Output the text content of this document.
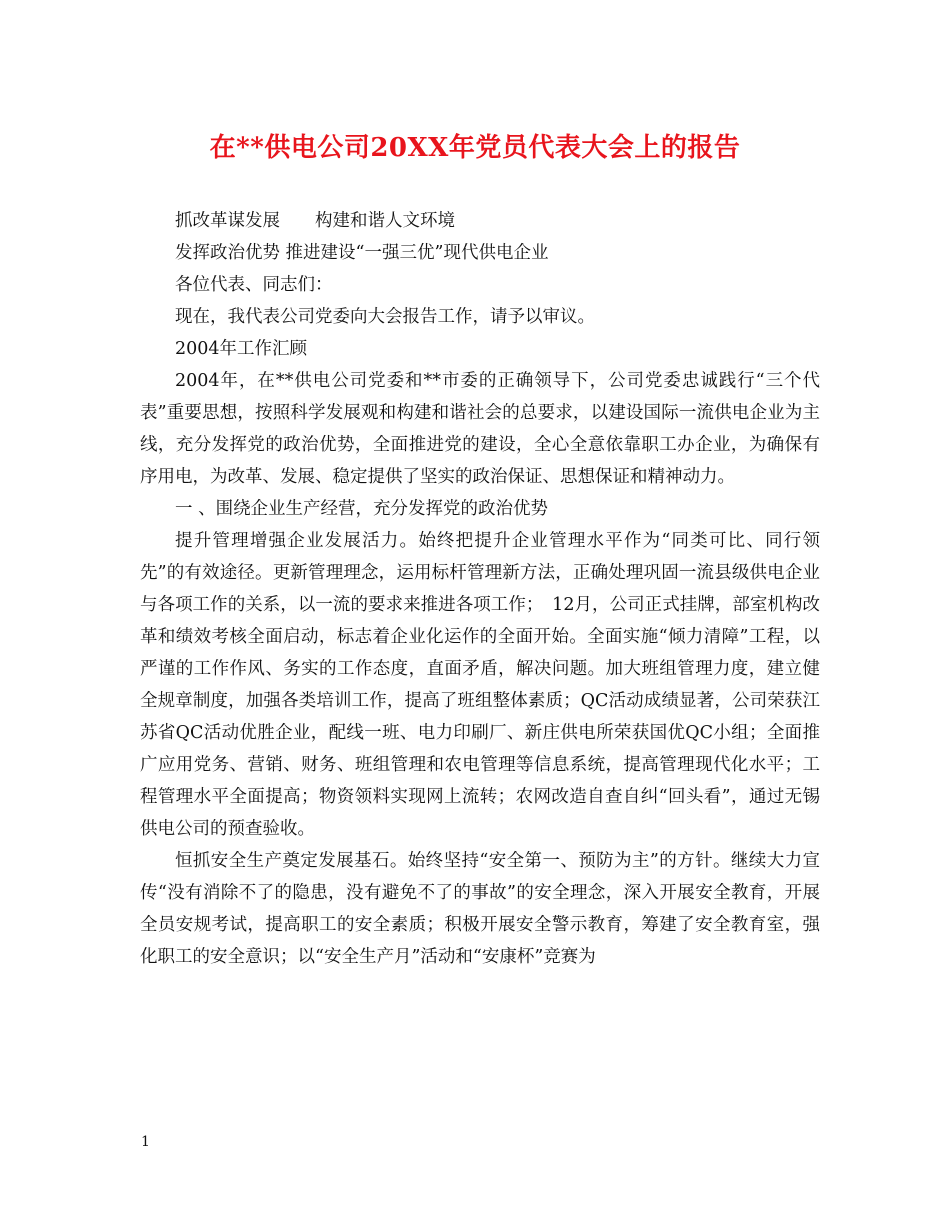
在**供电公司20XX年党员代表大会上的报告

抓改革谋发展　　构建和谐人文环境

发挥政治优势 推进建设“一强三优”现代供电企业

各位代表、同志们：

现在，我代表公司党委向大会报告工作，请予以审议。

2004年工作汇顾

2004年，在**供电公司党委和**市委的正确领导下，公司党委忠诚践行“三个代表”重要思想，按照科学发展观和构建和谐社会的总要求，以建设国际一流供电企业为主线，充分发挥党的政治优势，全面推进党的建设，全心全意依靠职工办企业，为确保有序用电，为改革、发展、稳定提供了坚实的政治保证、思想保证和精神动力。

一 、围绕企业生产经营，充分发挥党的政治优势

提升管理增强企业发展活力。始终把提升企业管理水平作为“同类可比、同行领先”的有效途径。更新管理理念，运用标杆管理新方法，正确处理巩固一流县级供电企业与各项工作的关系，以一流的要求来推进各项工作；　12月，公司正式挂牌，部室机构改革和绩效考核全面启动，标志着企业化运作的全面开始。全面实施“倾力清障”工程，以严谨的工作作风、务实的工作态度，直面矛盾，解决问题。加大班组管理力度，建立健全规章制度，加强各类培训工作，提高了班组整体素质；QC活动成绩显著，公司荣获江苏省QC活动优胜企业，配线一班、电力印刷厂、新庄供电所荣获国优QC小组；全面推广应用党务、营销、财务、班组管理和农电管理等信息系统，提高管理现代化水平；工程管理水平全面提高；物资领料实现网上流转；农网改造自查自纠“回头看”，通过无锡供电公司的预查验收。

恒抓安全生产奠定发展基石。始终坚持“安全第一、预防为主”的方针。继续大力宣传“没有消除不了的隐患，没有避免不了的事故”的安全理念，深入开展安全教育，开展全员安规考试，提高职工的安全素质；积极开展安全警示教育，筹建了安全教育室，强化职工的安全意识；以“安全生产月”活动和“安康杯”竞赛为

1
